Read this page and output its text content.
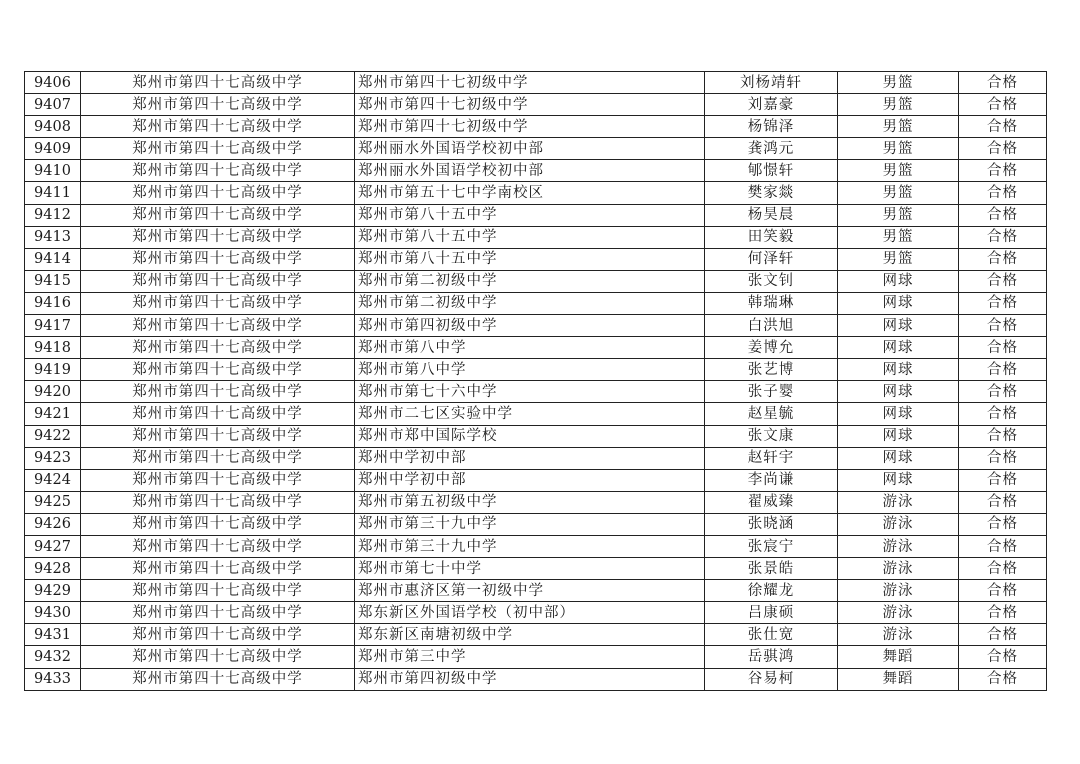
9406	郑州市第四十七高级中学	郑州市第四十七初级中学	刘杨靖轩	男篮	合格
9407	郑州市第四十七高级中学	郑州市第四十七初级中学	刘嘉豪	男篮	合格
9408	郑州市第四十七高级中学	郑州市第四十七初级中学	杨锦泽	男篮	合格
9409	郑州市第四十七高级中学	郑州丽水外国语学校初中部	龚鸿元	男篮	合格
9410	郑州市第四十七高级中学	郑州丽水外国语学校初中部	郇憬轩	男篮	合格
9411	郑州市第四十七高级中学	郑州市第五十七中学南校区	樊家燚	男篮	合格
9412	郑州市第四十七高级中学	郑州市第八十五中学	杨昊晨	男篮	合格
9413	郑州市第四十七高级中学	郑州市第八十五中学	田笑毅	男篮	合格
9414	郑州市第四十七高级中学	郑州市第八十五中学	何泽轩	男篮	合格
9415	郑州市第四十七高级中学	郑州市第二初级中学	张文钊	网球	合格
9416	郑州市第四十七高级中学	郑州市第二初级中学	韩瑞琳	网球	合格
9417	郑州市第四十七高级中学	郑州市第四初级中学	白洪旭	网球	合格
9418	郑州市第四十七高级中学	郑州市第八中学	姜博允	网球	合格
9419	郑州市第四十七高级中学	郑州市第八中学	张艺博	网球	合格
9420	郑州市第四十七高级中学	郑州市第七十六中学	张子婴	网球	合格
9421	郑州市第四十七高级中学	郑州市二七区实验中学	赵星毓	网球	合格
9422	郑州市第四十七高级中学	郑州市郑中国际学校	张文康	网球	合格
9423	郑州市第四十七高级中学	郑州中学初中部	赵轩宇	网球	合格
9424	郑州市第四十七高级中学	郑州中学初中部	李尚谦	网球	合格
9425	郑州市第四十七高级中学	郑州市第五初级中学	翟威臻	游泳	合格
9426	郑州市第四十七高级中学	郑州市第三十九中学	张晓涵	游泳	合格
9427	郑州市第四十七高级中学	郑州市第三十九中学	张宸宁	游泳	合格
9428	郑州市第四十七高级中学	郑州市第七十中学	张景皓	游泳	合格
9429	郑州市第四十七高级中学	郑州市惠济区第一初级中学	徐耀龙	游泳	合格
9430	郑州市第四十七高级中学	郑东新区外国语学校（初中部）	吕康硕	游泳	合格
9431	郑州市第四十七高级中学	郑东新区南塘初级中学	张仕宽	游泳	合格
9432	郑州市第四十七高级中学	郑州市第三中学	岳骐鸿	舞蹈	合格
9433	郑州市第四十七高级中学	郑州市第四初级中学	谷易柯	舞蹈	合格
